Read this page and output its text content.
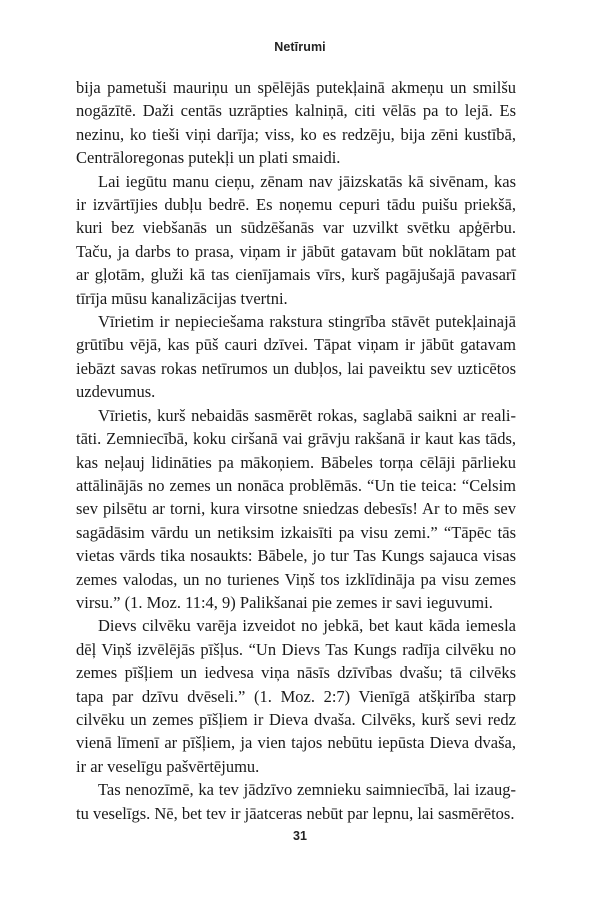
Netīrumi

bija pametuši mauriņu un spēlējās putekļainā akmeņu un smilšu nogāzītē. Daži centās uzrāpties kalniņā, citi vēlās pa to lejā. Es nezinu, ko tieši viņi darīja; viss, ko es redzēju, bija zēni kustībā, Centrāloregonas putekļi un plati smaidi.

Lai iegūtu manu cieņu, zēnam nav jāizskatās kā sivēnam, kas ir izvārtījies dubļu bedrē. Es noņemu cepuri tādu puišu priekšā, kuri bez viebšanās un sūdzēšanās var uzvilkt svētku apģērbu. Taču, ja darbs to prasa, viņam ir jābūt gatavam būt noklātam pat ar gļotām, gluži kā tas cienījamais vīrs, kurš pagājušajā pavasarī tīrīja mūsu kanalizācijas tvertni.

Vīrietim ir nepieciešama rakstura stingrība stāvēt putekļainajā grūtību vējā, kas pūš cauri dzīvei. Tāpat viņam ir jābūt gatavam iebāzt savas rokas netīrumos un dubļos, lai paveiktu sev uzticētos uzdevumus.

Vīrietis, kurš nebaidās sasmērēt rokas, saglabā saikni ar realitāti. Zemniecībā, koku ciršanā vai grāvju rakšanā ir kaut kas tāds, kas neļauj lidināties pa mākoņiem. Bābeles torņa cēlāji pārlieku attālinājās no zemes un nonāca problēmās. “Un tie teica: “Celsim sev pilsētu ar torni, kura virsotne sniedzas debesīs! Ar to mēs sev sagādāsim vārdu un netiksim izkaisīti pa visu zemi.” “Tāpēc tās vietas vārds tika nosaukts: Bābele, jo tur Tas Kungs sajauca visas zemes valodas, un no turienes Viņš tos izklīdināja pa visu zemes virsu.” (1. Moz. 11:4, 9) Palikšanai pie zemes ir savi ieguvumi.

Dievs cilvēku varēja izveidot no jebkā, bet kaut kāda iemesla dēļ Viņš izvēlējās pīšļus. “Un Dievs Tas Kungs radīja cilvēku no zemes pīšļiem un iedvesa viņa nāsīs dzīvības dvašu; tā cilvēks tapa par dzīvu dvēseli.” (1. Moz. 2:7) Vienīgā atšķirība starp cilvēku un zemes pīšļiem ir Dieva dvaša. Cilvēks, kurš sevi redz vienā līmenī ar pīšļiem, ja vien tajos nebūtu iepūsta Dieva dvaša, ir ar veselīgu pašvērtējumu.

Tas nenozīmē, ka tev jādzīvo zemnieku saimniecībā, lai izaugtu veselīgs. Nē, bet tev ir jāatceras nebūt par lepnu, lai sasmērētos.

31
